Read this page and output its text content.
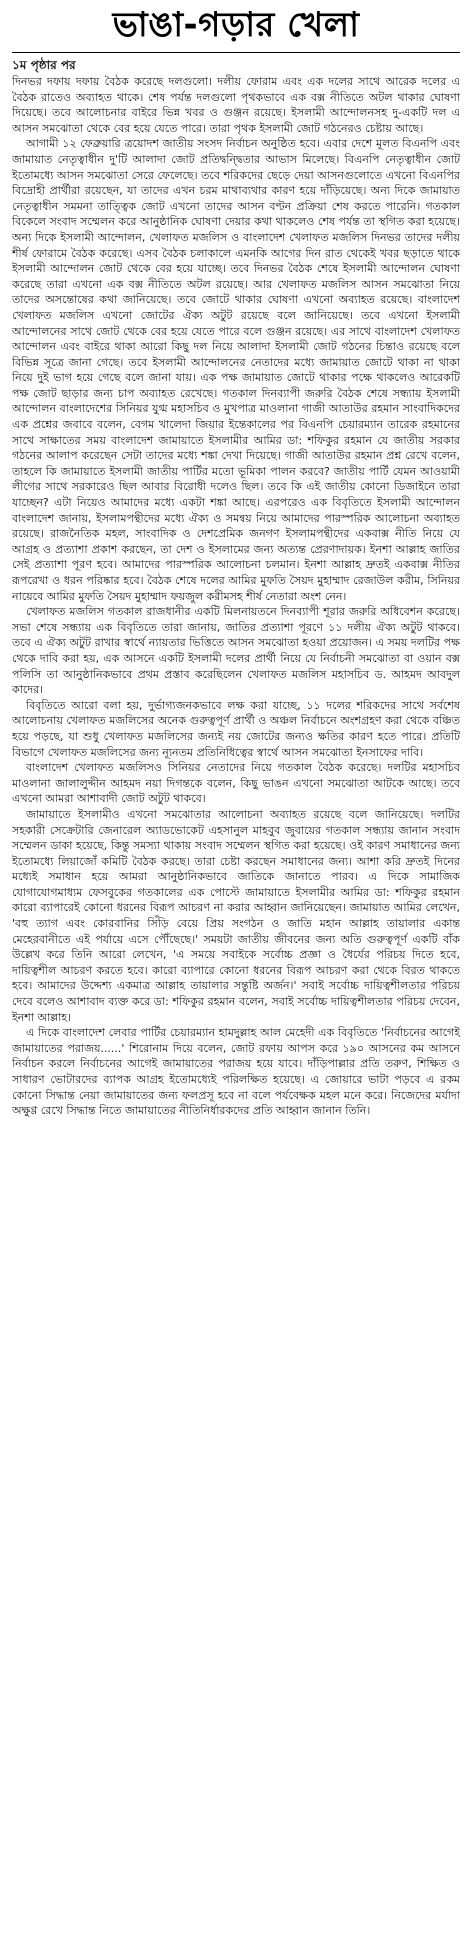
ভাঙা-গড়ার খেলা
১ম পৃষ্ঠার পর

দিনভর দফায় দফায় বৈঠক করেছে দলগুলো। দলীয় ফোরাম এবং এক দলের সাথে আরেক দলের এ বৈঠক রাতেও অব্যাহত থাকে। শেষ পর্যন্ত দলগুলো পৃথকভাবে এক বক্স নীতিতে অটল থাকার ঘোষণা দিয়েছে। তবে আলোচনার বাইরে ভিন্ন খবর ও গুঞ্জন রয়েছে। ইসলামী আন্দোলনসহ দু-একটি দল এ আসন সমঝোতা থেকে বের হয়ে যেতে পারে। তারা পৃথক ইসলামী জোট গঠনেরও চেষ্টায় আছে।

আগামী ১২ ফেব্রুয়ারি ত্রয়োদশ জাতীয় সংসদ নির্বাচন অনুষ্ঠিত হবে। এবার দেশে মূলত বিএনপি এবং জামায়াত নেতৃত্বাধীন দু'টি আলাদা জোট প্রতিদ্বন্দ্বিতার আভাস মিলেছে। বিএনপি নেতৃত্বাধীন জোট ইতোমধ্যে আসন সমঝোতা সেরে ফেলেছে। তবে শরিকদের ছেড়ে দেয়া আসনগুলোতে এখনো বিএনপির বিদ্রোহী প্রার্থীরা রয়েছেন, যা তাদের এখন চরম মাথাব্যথার কারণ হয়ে দাঁড়িয়েছে। অন্য দিকে জামায়াত নেতৃত্বাধীন সমমনা তাত্ত্বিক জোট এখনো তাদের আসন বণ্টন প্রক্রিয়া শেষ করতে পারেনি। গতকাল বিকেলে সংবাদ সম্মেলন করে আনুষ্ঠানিক ঘোষণা দেয়ার কথা থাকলেও শেষ পর্যন্ত তা স্থগিত করা হয়েছে। অন্য দিকে ইসলামী আন্দোলন, খেলাফত মজলিস ও বাংলাদেশ খেলাফত মজলিস দিনভর তাদের দলীয় শীর্ষ ফোরামে বৈঠক করেছে। এসব বৈঠক চলাকালে এমনকি আগের দিন রাত থেকেই খবর ছড়াতে থাকে ইসলামী আন্দোলন জোট থেকে বের হয়ে যাচ্ছে। তবে দিনভর বৈঠক শেষে ইসলামী আন্দোলন ঘোষণা করেছে তারা এখনো এক বক্স নীতিতে অটল রয়েছে। আর খেলাফত মজলিস আসন সমঝোতা নিয়ে তাদের অসন্তোষের কথা জানিয়েছে। তবে জোটে থাকার ঘোষণা এখনো অব্যাহত রয়েছে। বাংলাদেশ খেলাফত মজলিস এখনো জোটের ঐক্য অটুট রয়েছে বলে জানিয়েছে। তবে এখনো ইসলামী আন্দোলনের সাথে জোট থেকে বের হয়ে যেতে পারে বলে গুঞ্জন রয়েছে। এর সাথে বাংলাদেশ খেলাফত আন্দোলন এবং বাইরে থাকা আরো কিছু দল নিয়ে আলাদা ইসলামী জোট গঠনের চিন্তাও রয়েছে বলে বিভিন্ন সূত্রে জানা গেছে। তবে ইসলামী আন্দোলনের নেতাদের মধ্যে জামায়াত জোটে থাকা না থাকা নিয়ে দুই ভাগ হয়ে গেছে বলে জানা যায়। এক পক্ষ জামায়াত জোটে থাকার পক্ষে থাকলেও আরেকটি পক্ষ জোট ছাড়ার জন্য চাপ অব্যাহত রেখেছে। গতকাল দিনব্যাপী জরুরি বৈঠক শেষে সন্ধ্যায় ইসলামী আন্দোলন বাংলাদেশের সিনিয়র যুগ্ম মহাসচিব ও মুখপাত্র মাওলানা গাজী আতাউর রহমান সাংবাদিকদের এক প্রশ্নের জবাবে বলেন, বেগম খালেদা জিয়ার ইন্তেকালের পর বিএনপি চেয়ারম্যান তারেক রহমানের সাথে সাক্ষাতের সময় বাংলাদেশ জামায়াতে ইসলামীর আমির ডা: শফিকুর রহমান যে জাতীয় সরকার গঠনের আলাপ করেছেন সেটা তাদের মধ্যে শঙ্কা দেখা দিয়েছে। গাজী আতাউর রহমান প্রশ্ন রেখে বলেন, তাহলে কি জামায়াতে ইসলামী জাতীয় পার্টির মতো ভূমিকা পালন করবে? জাতীয় পার্টি যেমন আওয়ামী লীগের সাথে সরকারেও ছিল আবার বিরোধী দলেও ছিল। তবে কি এই জাতীয় কোনো ডিজাইনে তারা যাচ্ছেন? এটা নিয়েও আমাদের মধ্যে একটা শঙ্কা আছে। এরপরেও এক বিবৃতিতে ইসলামী আন্দোলন বাংলাদেশ জানায়, ইসলামপন্থীদের মধ্যে ঐক্য ও সমন্বয় নিয়ে আমাদের পারস্পরিক আলোচনা অব্যাহত রয়েছে। রাজনৈতিক মহল, সাংবাদিক ও দেশপ্রেমিক জনগণ ইসলামপন্থীদের একবাক্স নীতি নিয়ে যে আগ্রহ ও প্রত্যাশা প্রকাশ করছেন, তা দেশ ও ইসলামের জন্য অত্যন্ত প্রেরণাদায়ক। ইনশা আল্লাহ জাতির সেই প্রত্যাশা পূরণ হবে। আমাদের পারস্পরিক আলোচনা চলমান। ইনশা আল্লাহ দ্রুতই একবাক্স নীতির রূপরেখা ও ধরন পরিষ্কার হবে। বৈঠক শেষে দলের আমির মুফতি সৈয়দ মুহাম্মাদ রেজাউল করীম, সিনিয়র নায়েবে আমির মুফতি সৈয়দ মুহাম্মাদ ফয়জুল করীমসহ শীর্ষ নেতারা অংশ নেন।

খেলাফত মজলিস গতকাল রাজধানীর একটি মিলনায়তনে দিনব্যাপী শূরার জরুরি অধিবেশন করেছে। সভা শেষে সন্ধ্যায় এক বিবৃতিতে তারা জানায়, জাতির প্রত্যাশা পূরণে ১১ দলীয় ঐক্য অটুট থাকবে। তবে এ ঐক্য অটুট রাখার স্বার্থে ন্যায়তার ভিত্তিতে আসন সমঝোতা হওয়া প্রয়োজন। এ সময় দলটির পক্ষ থেকে দাবি করা হয়, এক আসনে একটি ইসলামী দলের প্রার্থী নিয়ে যে নির্বাচনী সমঝোতা বা ওয়ান বক্স পলিসি তা আনুষ্ঠানিকভাবে প্রথম প্রস্তাব করেছিলেন খেলাফত মজলিস মহাসচিব ড. আহমদ আবদুল কাদের।

বিবৃতিতে আরো বলা হয়, দুর্ভাগ্যজনকভাবে লক্ষ করা যাচ্ছে, ১১ দলের শরিকদের সাথে সর্বশেষ আলোচনায় খেলাফত মজলিসের অনেক গুরুত্বপূর্ণ প্রার্থী ও অঞ্চল নির্বাচনে অংশগ্রহণ করা থেকে বঞ্চিত হয়ে পড়ছে, যা শুধু খেলাফত মজলিসের জন্যই নয় জোটের জন্যও ক্ষতির কারণ হতে পারে। প্রতিটি বিভাগে খেলাফত মজলিসের জন্য ন্যূনতম প্রতিনিধিত্বের স্বার্থে আসন সমঝোতা ইনসাফের দাবি।

বাংলাদেশ খেলাফত মজলিসও সিনিয়র নেতাদের নিয়ে গতকাল বৈঠক করেছে। দলটির মহাসচিব মাওলানা জালালুদ্দীন আহমদ নয়া দিগন্তকে বলেন, কিছু ভাঙন এখনো সমঝোতা আটকে আছে। তবে এখনো আমরা আশাবাদী জোট অটুট থাকবে।

জামায়াতে ইসলামীও এখনো সমঝোতার আলোচনা অব্যাহত রয়েছে বলে জানিয়েছে। দলটির সহকারী সেক্রেটারি জেনারেল অ্যাডভোকেট এহসানুল মাহবুব জুবায়ের গতকাল সন্ধ্যায় জানান সংবাদ সম্মেলন ডাকা হয়েছে, কিন্তু সমস্যা থাকায় সংবাদ সম্মেলন স্থগিত করা হয়েছে। ওই কারণ সমাধানের জন্য ইতোমধ্যে লিয়াজোঁ কমিটি বৈঠক করছে। তারা চেষ্টা করছেন সমাধানের জন্য। আশা করি দ্রুতই দিনের মধ্যেই সমাধান হয়ে আমরা আনুষ্ঠানিকভাবে জাতিকে জানাতে পারব। এ দিকে সামাজিক যোগাযোগমাধ্যম ফেসবুকের গতকালের এক পোস্টে জামায়াতে ইসলামীর আমির ডা: শফিকুর রহমান কারো ব্যাপারেই কোনো ধরনের বিরূপ আচরণ না করার আহ্বান জানিয়েছেন। জামায়াত আমির লেখেন, 'বহু ত্যাগ এবং কোরবানির সিঁড়ি বেয়ে প্রিয় সংগঠন ও জাতি মহান আল্লাহ তায়ালার একান্ত মেহেরবানীতে এই পর্যায়ে এসে পৌঁছেছে।' সময়টা জাতীয় জীবনের জন্য অতি গুরুত্বপূর্ণ একটি বাঁক উল্লেখ করে তিনি আরো লেখেন, 'এ সময়ে সবাইকে সর্বোচ্চ প্রজ্ঞা ও ধৈর্যের পরিচয় দিতে হবে, দায়িত্বশীল আচরণ করতে হবে। কারো ব্যাপারে কোনো ধরনের বিরূপ আচরণ করা থেকে বিরত থাকতে হবে। আমাদের উদ্দেশ্য একমাত্র আল্লাহ তায়ালার সন্তুষ্টি অর্জন।' সবাই সর্বোচ্চ দায়িত্বশীলতার পরিচয় দেবে বলেও আশাবাদ ব্যক্ত করে ডা: শফিকুর রহমান বলেন, সবাই সর্বোচ্চ দায়িত্বশীলতার পরিচয় দেবেন, ইনশা আল্লাহ।

এ দিকে বাংলাদেশ লেবার পার্টির চেয়ারম্যান হামদুল্লাহ আল মেহেদী এক বিবৃতিতে 'নির্বাচনের আগেই জামায়াতের পরাজয়......' শিরোনাম দিয়ে বলেন, জোট রফায় আপস করে ১৯০ আসনের কম আসনে নির্বাচন করলে নির্বাচনের আগেই জামায়াতের পরাজয় হয়ে যাবে। দাঁড়িপাল্লার প্রতি তরুণ, শিক্ষিত ও সাধারণ ভোটারদের ব্যাপক আগ্রহ ইতোমধ্যেই পরিলক্ষিত হয়েছে। এ জোয়ারে ভাটা পড়বে এ রকম কোনো সিদ্ধান্ত নেয়া জামায়াতের জন্য ফলপ্রসূ হবে না বলে পর্যবেক্ষক মহল মনে করে। নিজেদের মর্যাদা অক্ষুণ্ণ রেখে সিদ্ধান্ত নিতে জামায়াতের নীতিনির্ধারকদের প্রতি আহ্বান জানান তিনি।
